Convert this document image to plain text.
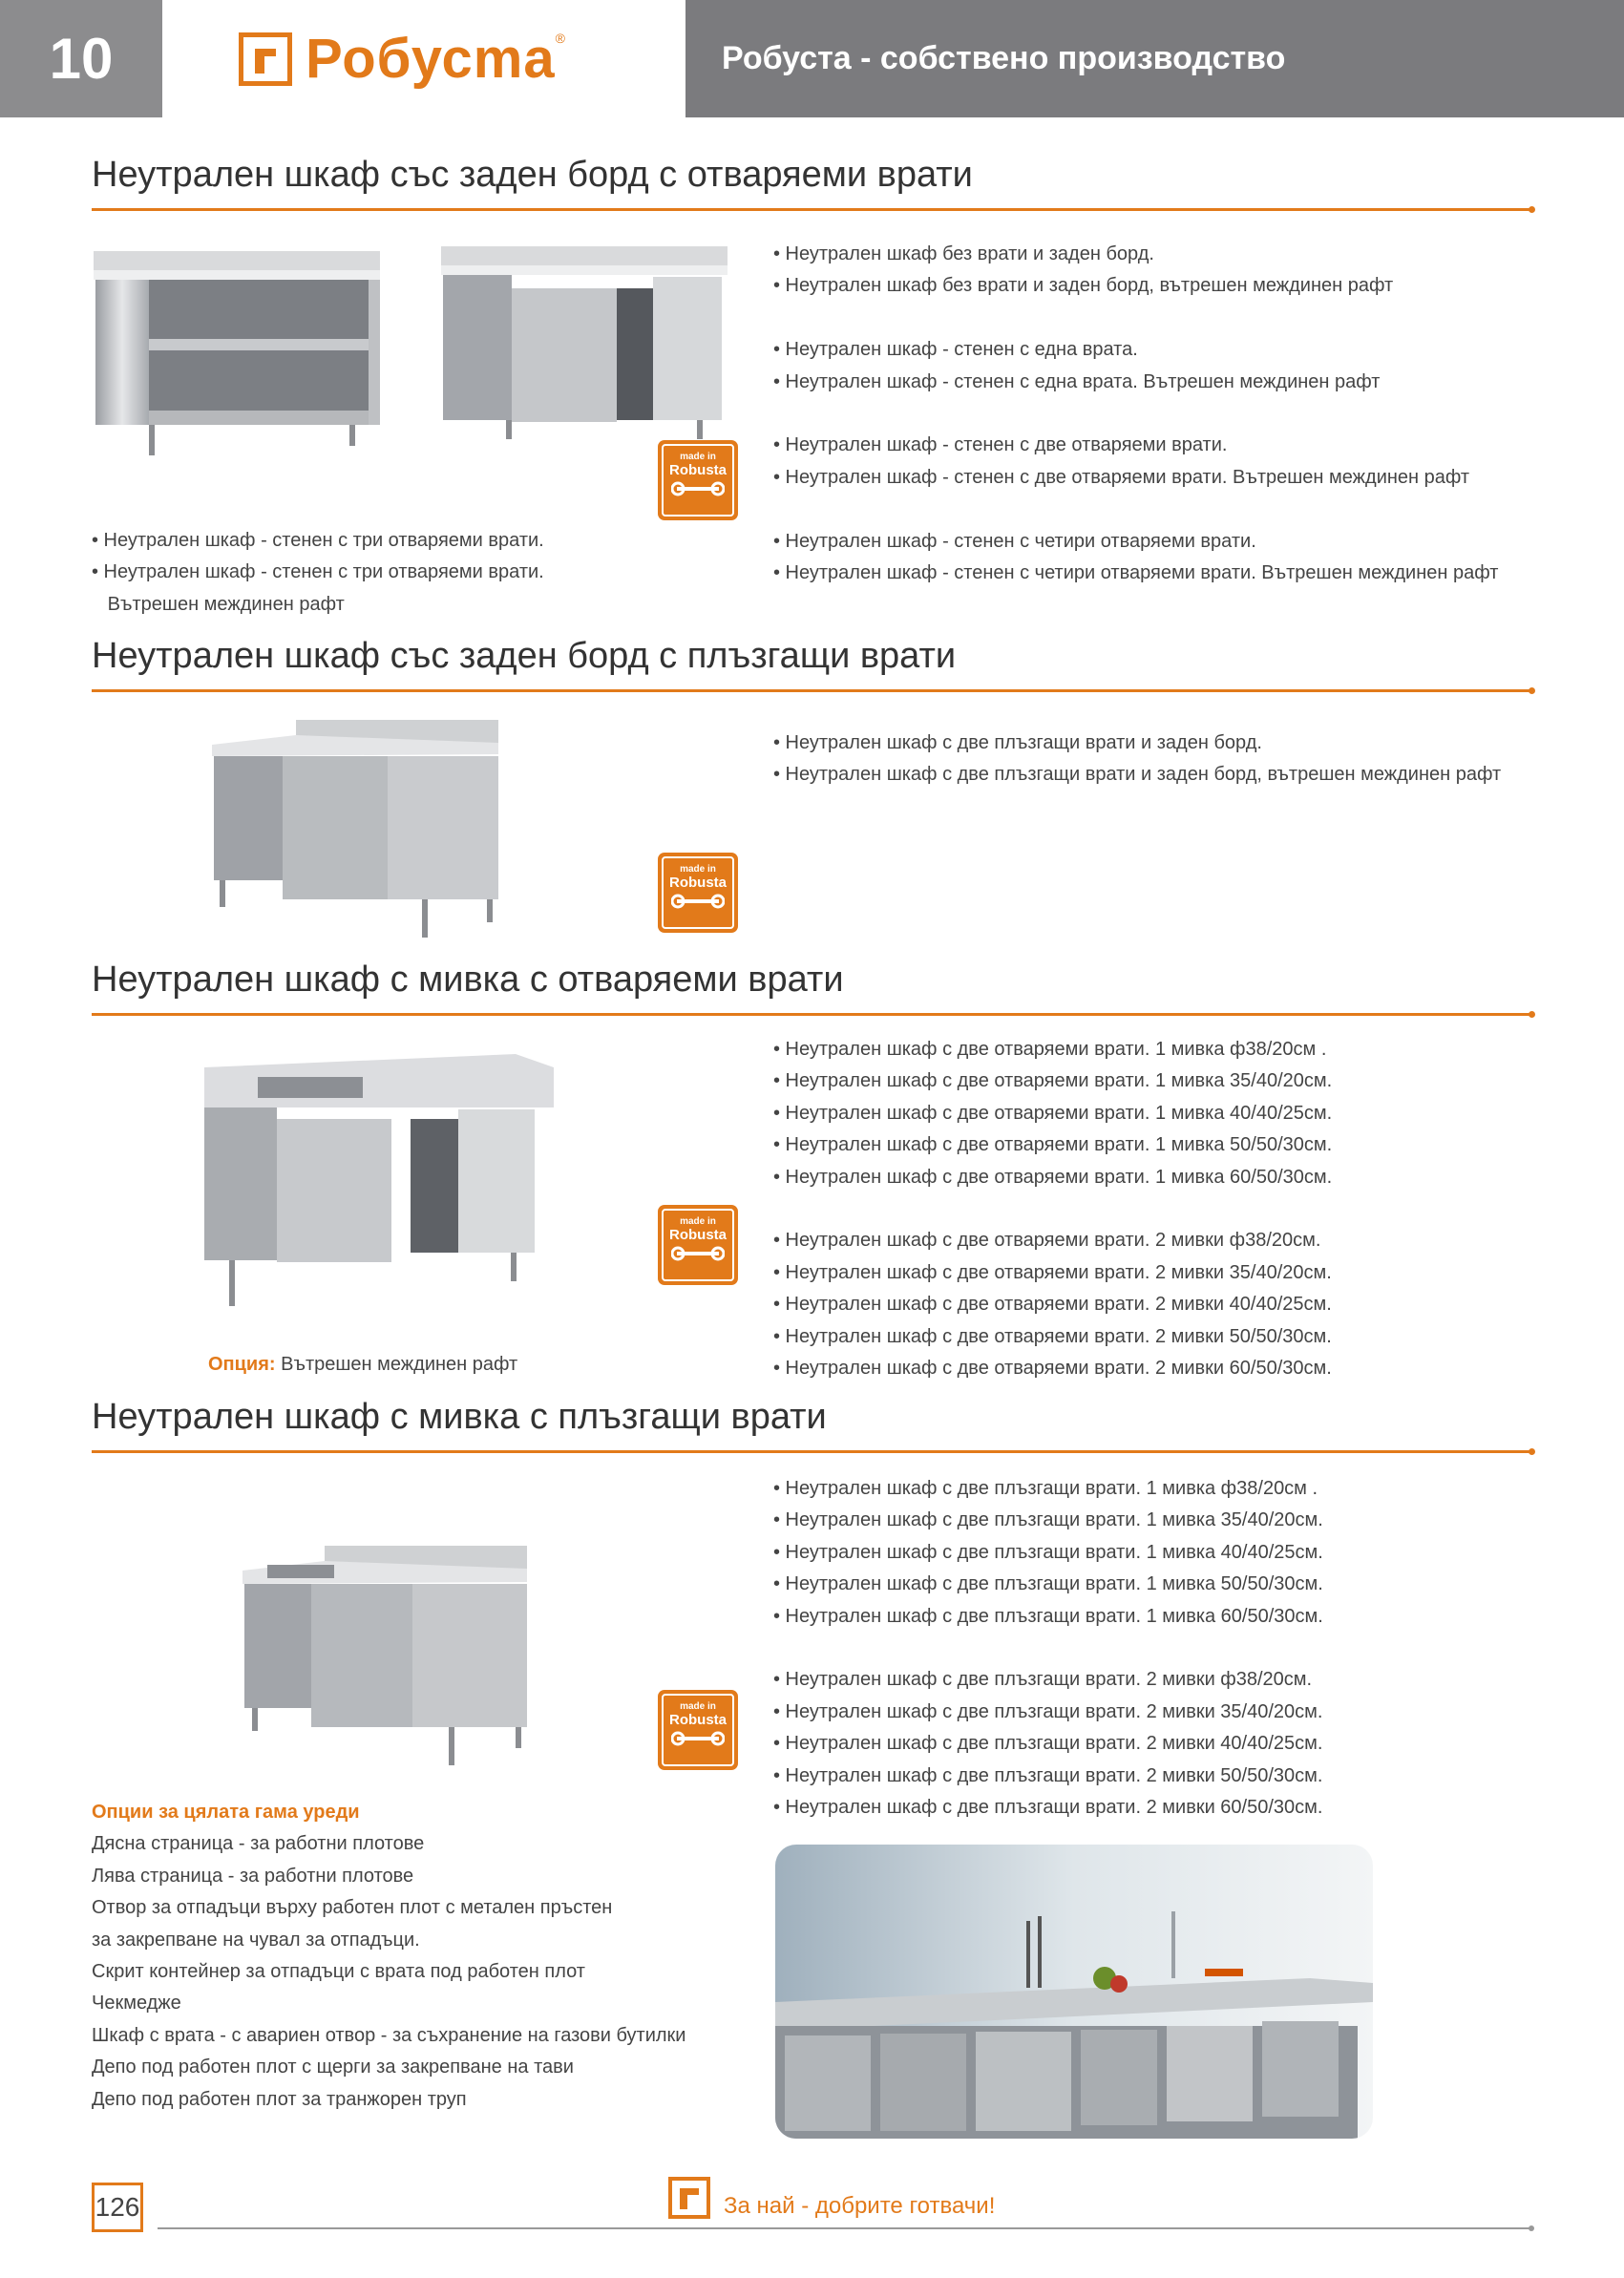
10	Робусmа ®
Робуста - собствено производство
Неутрален шкаф със заден борд с отваряеми врати
made in
Robusta
• Неутрален шкаф без врати и заден борд.
• Неутрален шкаф без врати и заден борд, вътрешен междинен рафт
• Неутрален шкаф - стенен с една врата.
• Неутрален шкаф - стенен с една врата. Вътрешен междинен рафт
• Неутрален шкаф - стенен с две отваряеми врати.
• Неутрален шкаф - стенен с две отваряеми врати. Вътрешен междинен рафт
• Неутрален шкаф - стенен с четири отваряеми врати.
• Неутрален шкаф - стенен с четири отваряеми врати. Вътрешен междинен рафт
• Неутрален шкаф - стенен с три отваряеми врати.
• Неутрален шкаф - стенен с три отваряеми врати.
Вътрешен междинен рафт
Неутрален шкаф със заден борд с плъзгащи врати
made in
Robusta
• Неутрален шкаф с две плъзгащи врати и заден борд.
• Неутрален шкаф с две плъзгащи врати и заден борд, вътрешен междинен рафт
Неутрален шкаф с мивка с отваряеми врати
made in
Robusta
• Неутрален шкаф с две отваряеми врати. 1 мивка ф38/20см .
• Неутрален шкаф с две отваряеми врати. 1 мивка 35/40/20см.
• Неутрален шкаф с две отваряеми врати. 1 мивка 40/40/25см.
• Неутрален шкаф с две отваряеми врати. 1 мивка 50/50/30см.
• Неутрален шкаф с две отваряеми врати. 1 мивка 60/50/30см.
• Неутрален шкаф с две отваряеми врати. 2 мивки ф38/20см.
• Неутрален шкаф с две отваряеми врати. 2 мивки 35/40/20см.
• Неутрален шкаф с две отваряеми врати. 2 мивки 40/40/25см.
• Неутрален шкаф с две отваряеми врати. 2 мивки 50/50/30см.
• Неутрален шкаф с две отваряеми врати. 2 мивки 60/50/30см.
Опция: Вътрешен междинен рафт
Неутрален шкаф с мивка с плъзгащи врати
made in
Robusta
• Неутрален шкаф с две плъзгащи врати. 1 мивка ф38/20см .
• Неутрален шкаф с две плъзгащи врати. 1 мивка 35/40/20см.
• Неутрален шкаф с две плъзгащи врати. 1 мивка 40/40/25см.
• Неутрален шкаф с две плъзгащи врати. 1 мивка 50/50/30см.
• Неутрален шкаф с две плъзгащи врати. 1 мивка 60/50/30см.
• Неутрален шкаф с две плъзгащи врати. 2 мивки ф38/20см.
• Неутрален шкаф с две плъзгащи врати. 2 мивки 35/40/20см.
• Неутрален шкаф с две плъзгащи врати. 2 мивки 40/40/25см.
• Неутрален шкаф с две плъзгащи врати. 2 мивки 50/50/30см.
• Неутрален шкаф с две плъзгащи врати. 2 мивки 60/50/30см.
Опции за цялата гама уреди
Дясна страница - за работни плотове
Лява страница - за работни плотове
Отвор за отпадъци върху работен плот с метален пръстен
за закрепване на чувал за отпадъци.
Скрит контейнер за отпадъци с врата под работен плот
Чекмедже
Шкаф с врата - с авариен отвор - за съхранение на газови бутилки
Депо под работен плот с щерги за закрепване на тави
Депо под работен плот за транжорен труп
126	За най - добрите готвачи!
